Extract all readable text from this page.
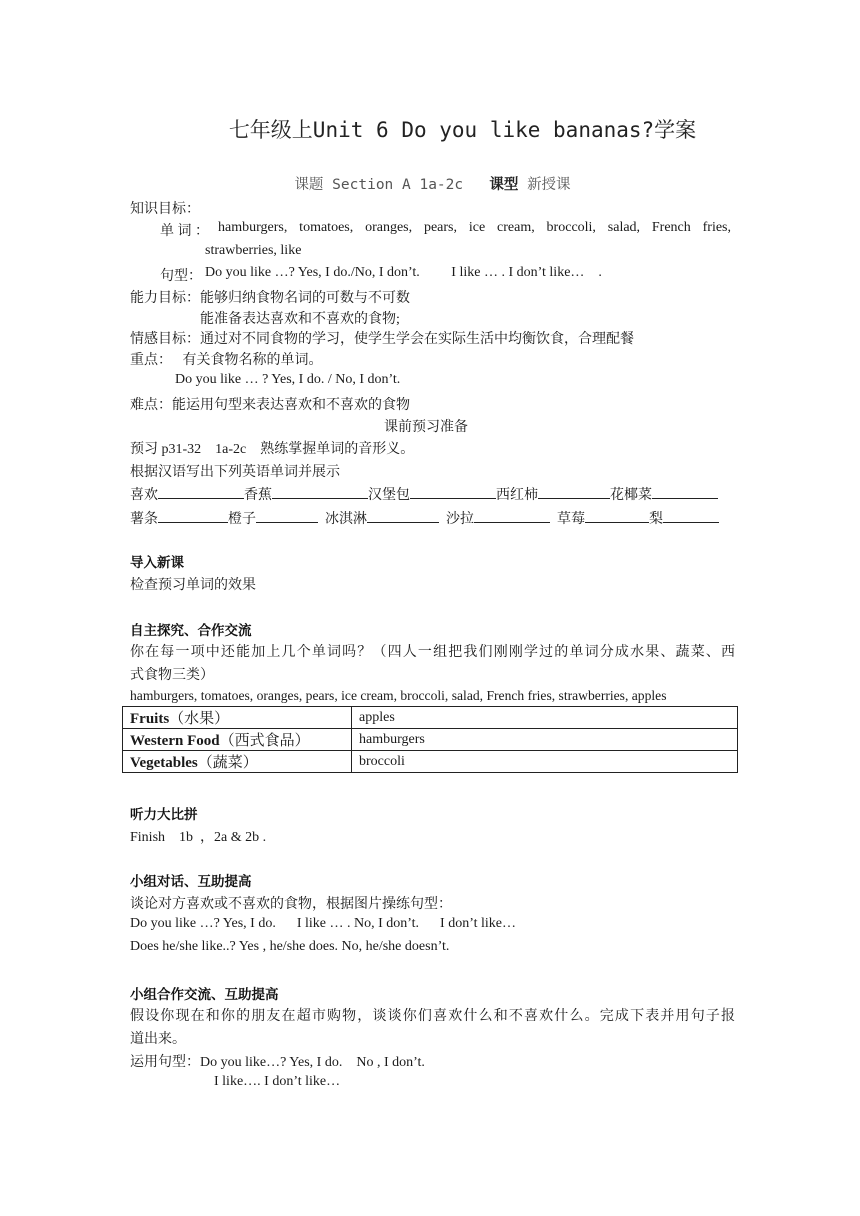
七年级上Unit 6 Do you like bananas?学案
课题 Section A 1a-2c 课型 新授课
知识目标：
单 词 ： hamburgers, tomatoes, oranges, pears, ice cream, broccoli, salad, French fries,
strawberries, like
句型： Do you like …? Yes, I do./No, I don’t.         I like … . I don’t like…    .
能力目标：能够归纳食物名词的可数与不可数
能准备表达喜欢和不喜欢的食物;
情感目标：通过对不同食物的学习，使学生学会在实际生活中均衡饮食，合理配餐
重点： 有关食物名称的单词。
Do you like … ? Yes, I do. / No, I don’t.
难点：能运用句型来表达喜欢和不喜欢的食物
课前预习准备
预习 p31-32    1a-2c    熟练掌握单词的音形义。
根据汉语写出下列英语单词并展示
喜欢	香蕉	汉堡包	西红柿	花椰菜
薯条	橙子	冰淇淋	沙拉	草莓	梨
导入新课
检查预习单词的效果
自主探究、合作交流
你在每一项中还能加上几个单词吗？（四人一组把我们刚刚学过的单词分成水果、蔬菜、西
式食物三类）
hamburgers, tomatoes, oranges, pears, ice cream, broccoli, salad, French fries, strawberries, apples
Fruits（水果）	apples
Western Food（西式食品）	hamburgers
Vegetables（蔬菜）	broccoli
听力大比拼
Finish    1b  ，2a & 2b .
小组对话、互助提高
谈论对方喜欢或不喜欢的食物，根据图片操练句型：
Do you like …? Yes, I do.      I like … . No, I don’t.      I don’t like…
Does he/she like..? Yes , he/she does. No, he/she doesn’t.
小组合作交流、互助提高
假设你现在和你的朋友在超市购物，谈谈你们喜欢什么和不喜欢什么。完成下表并用句子报
道出来。
运用句型：Do you like…? Yes, I do.    No , I don’t.
I like…. I don’t like…
